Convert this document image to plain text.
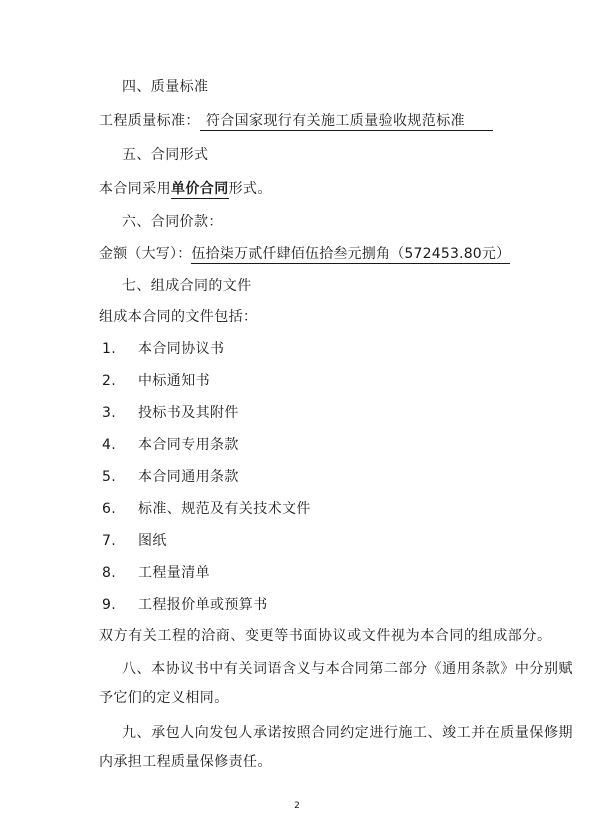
四、质量标准
工程质量标准： 符合国家现行有关施工质量验收规范标准
五、合同形式
本合同采用单价合同形式。
六、合同价款：
金额（大写）：伍拾柒万贰仟肆佰伍拾叁元捌角（572453.80元）
七、组成合同的文件
组成本合同的文件包括：
1. 本合同协议书
2. 中标通知书
3. 投标书及其附件
4. 本合同专用条款
5. 本合同通用条款
6. 标准、规范及有关技术文件
7. 图纸
8. 工程量清单
9. 工程报价单或预算书
双方有关工程的洽商、变更等书面协议或文件视为本合同的组成部分。
八、本协议书中有关词语含义与本合同第二部分《通用条款》中分别赋
予它们的定义相同。
九、承包人向发包人承诺按照合同约定进行施工、竣工并在质量保修期
内承担工程质量保修责任。
2
